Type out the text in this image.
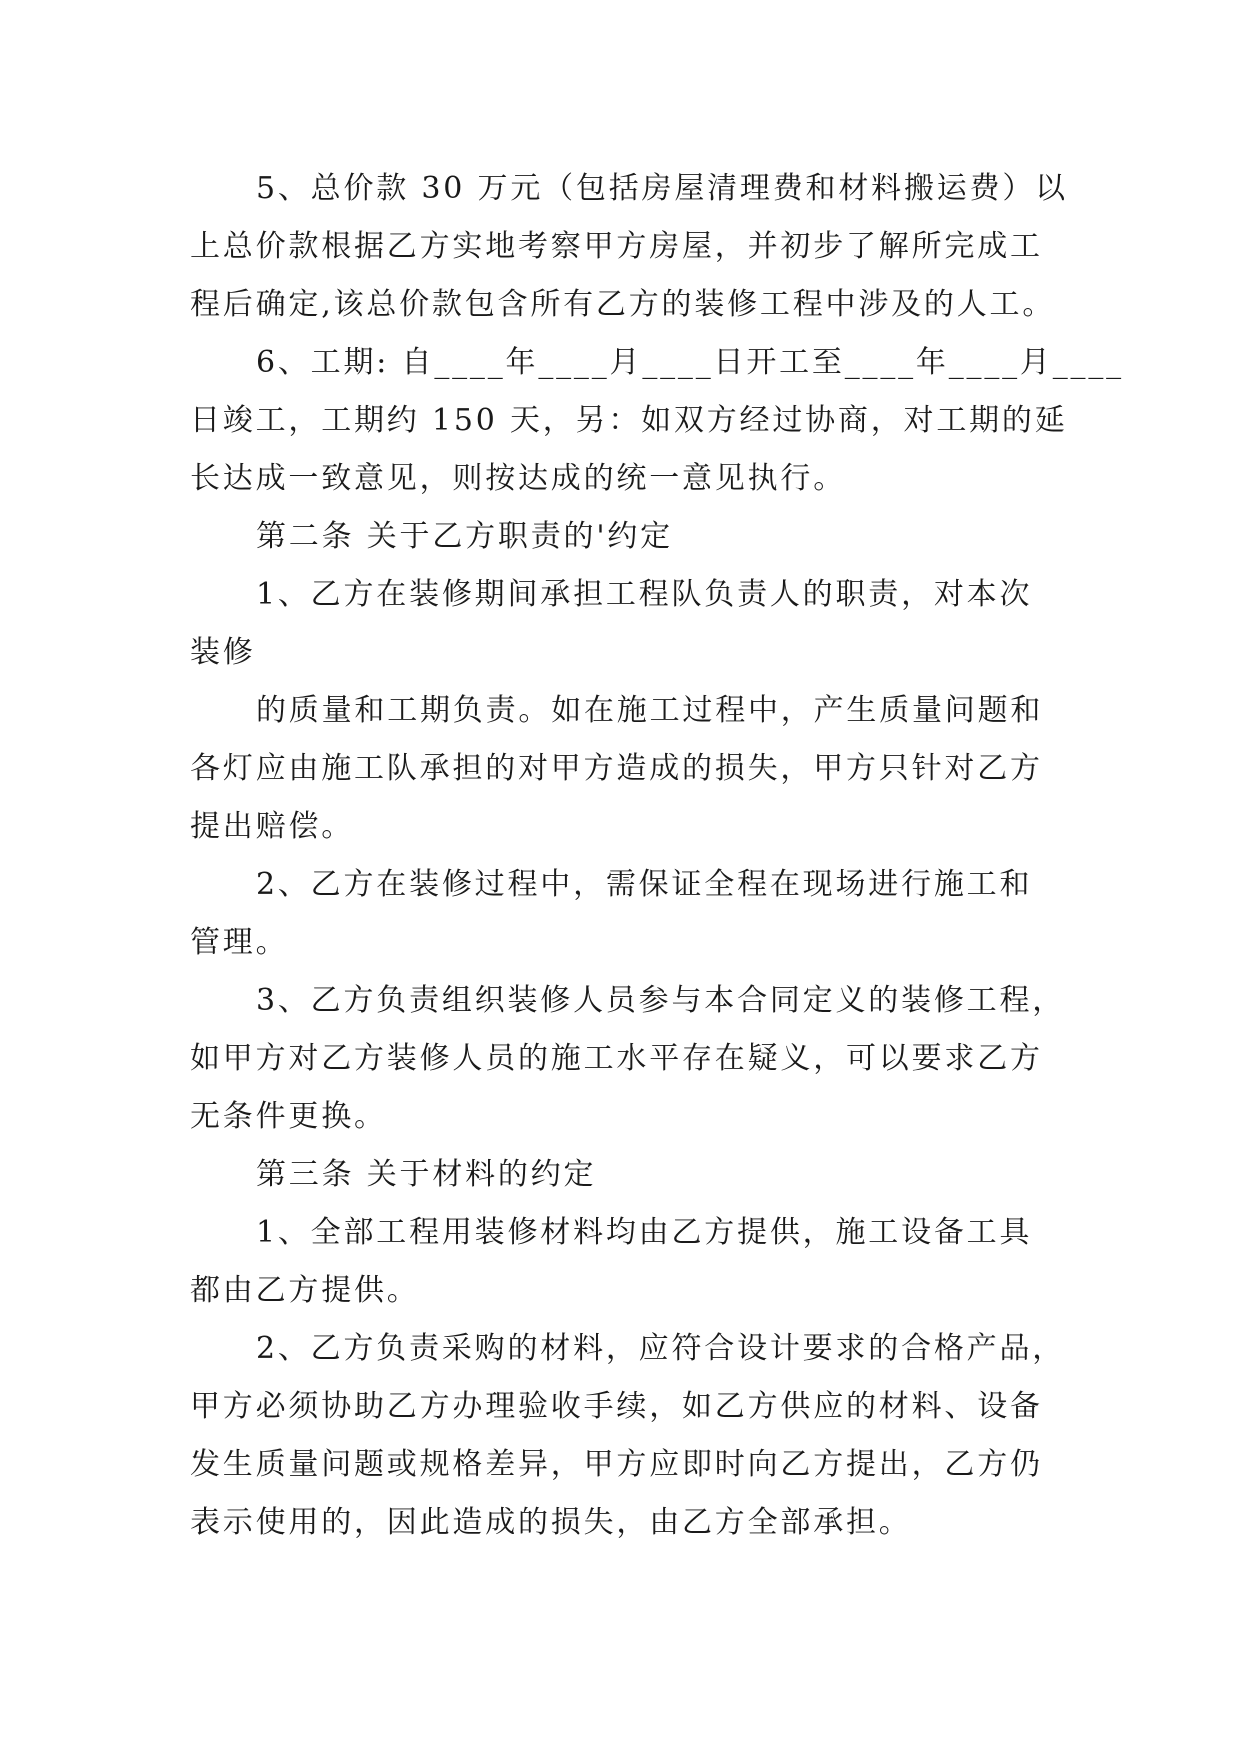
5、总价款 30 万元（包括房屋清理费和材料搬运费）以
上总价款根据乙方实地考察甲方房屋，并初步了解所完成工
程后确定,该总价款包含所有乙方的装修工程中涉及的人工。
6、工期: 自____年____月____日开工至____年____月____
日竣工，工期约 150 天，另：如双方经过协商，对工期的延
长达成一致意见，则按达成的统一意见执行。
第二条 关于乙方职责的'约定
1、乙方在装修期间承担工程队负责人的职责，对本次
装修
的质量和工期负责。如在施工过程中，产生质量问题和
各灯应由施工队承担的对甲方造成的损失，甲方只针对乙方
提出赔偿。
2、乙方在装修过程中，需保证全程在现场进行施工和
管理。
3、乙方负责组织装修人员参与本合同定义的装修工程，
如甲方对乙方装修人员的施工水平存在疑义，可以要求乙方
无条件更换。
第三条 关于材料的约定
1、全部工程用装修材料均由乙方提供，施工设备工具
都由乙方提供。
2、乙方负责采购的材料，应符合设计要求的合格产品，
甲方必须协助乙方办理验收手续，如乙方供应的材料、设备
发生质量问题或规格差异，甲方应即时向乙方提出，乙方仍
表示使用的，因此造成的损失，由乙方全部承担。
